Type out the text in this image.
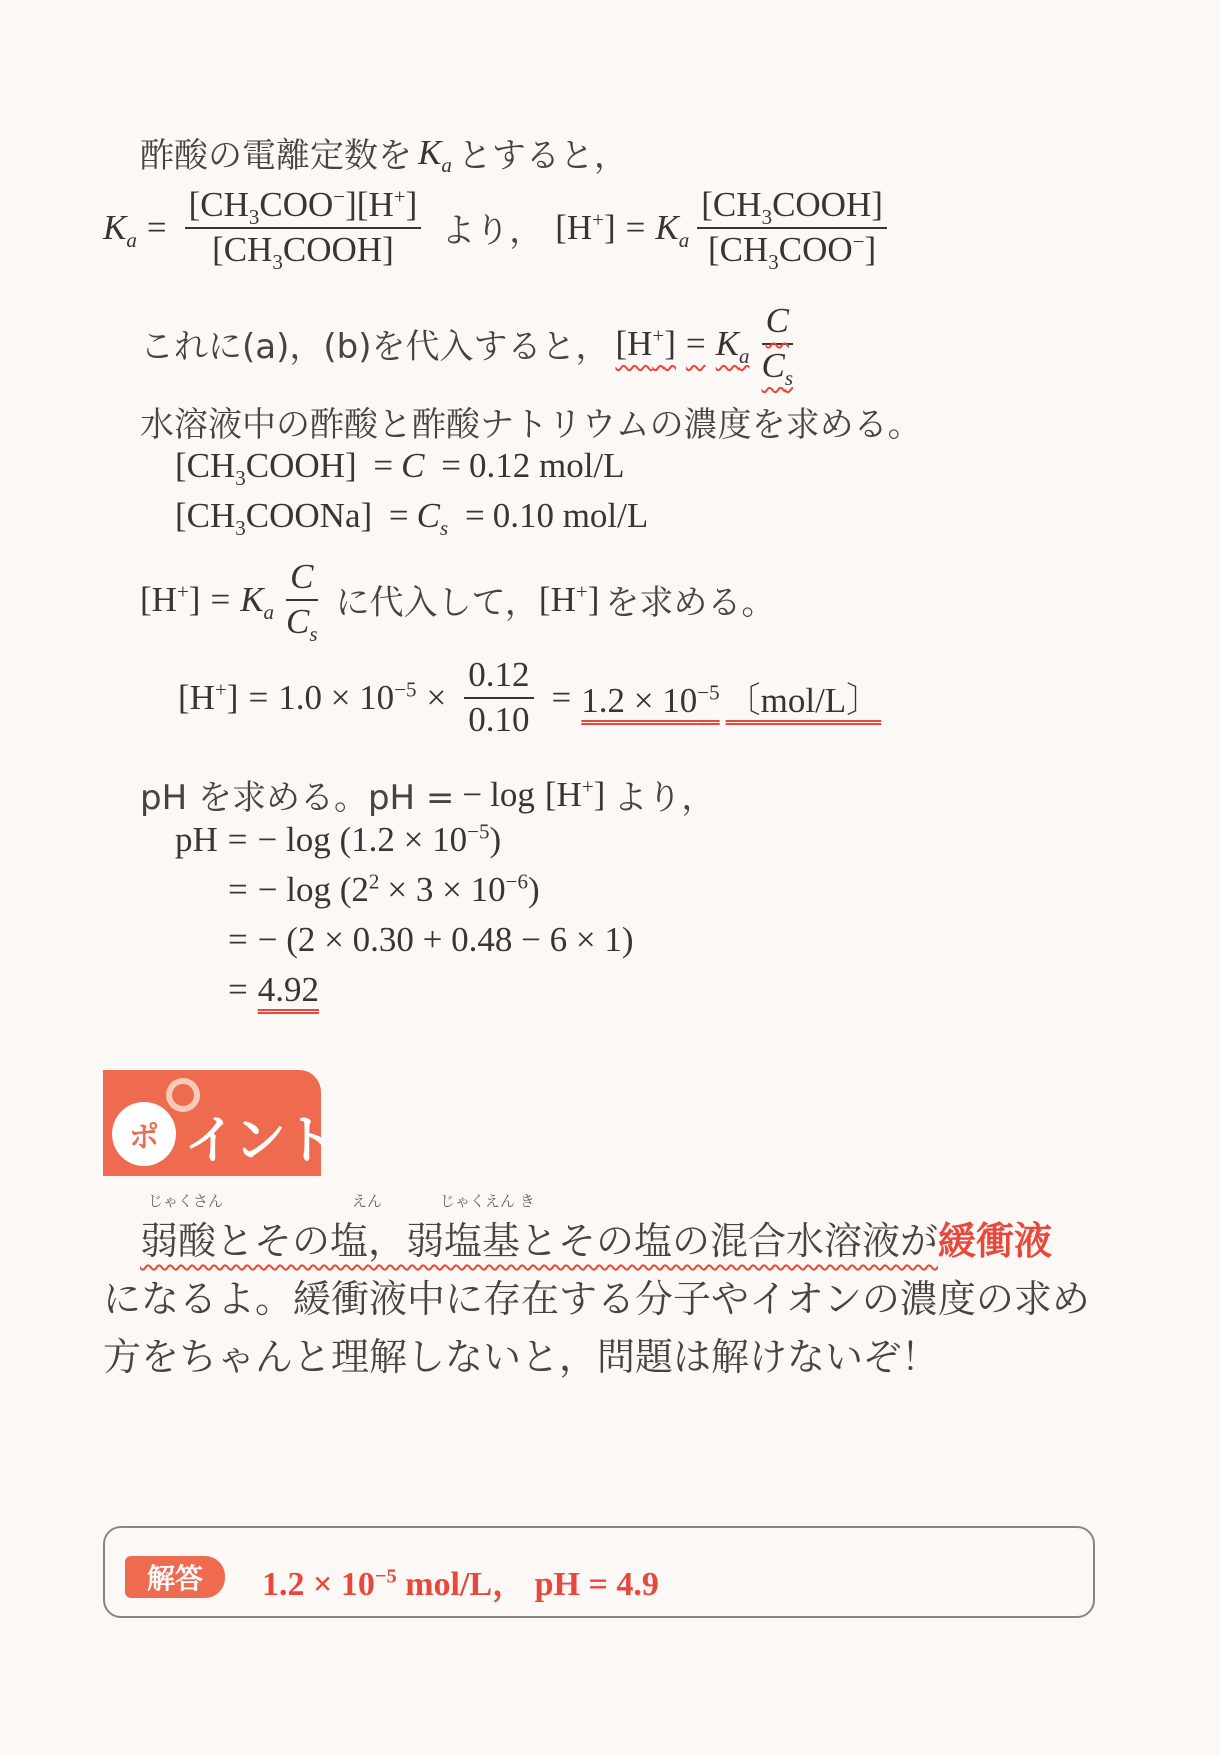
酢酸の電離定数を $K_a$ とすると，
$K_a = \frac{[CH_3COO^-][H^+]}{[CH_3COOH]}$ より， $[H^+] = K_a \frac{[CH_3COOH]}{[CH_3COO^-]}$
これに(a)，(b)を代入すると， $[H^+] = K_a \frac{C}{C_s}$
水溶液中の酢酸と酢酸ナトリウムの濃度を求める。
$[CH_3COOH] = C = 0.12$ mol/L
$[CH_3COONa] = C_s = 0.10$ mol/L
$[H^+] = K_a \frac{C}{C_s}$ に代入して， [H+] を求める。
$[H^+] = 1.0 \times 10^{-5} \times \frac{0.12}{0.10} = 1.2 \times 10^{-5}$ 〔mol/L〕
pH を求める。pH = − log [H+] より，
pH = − $\log (1.2 \times 10^{-5})$
= − $\log (2^2 \times 3 \times 10^{-6})$
= − (2 × 0.30 + 0.48 − 6 × 1)
= 4.92
ポ イント
じゃくさん	えん	じゃくえん き
弱酸とその塩，弱塩基とその塩の混合水溶液が緩衝液
になるよ。緩衝液中に存在する分子やイオンの濃度の求め
方をちゃんと理解しないと，問題は解けないぞ！
解答	$1.2 \times 10^{-5}$ mol/L， pH = 4.9
